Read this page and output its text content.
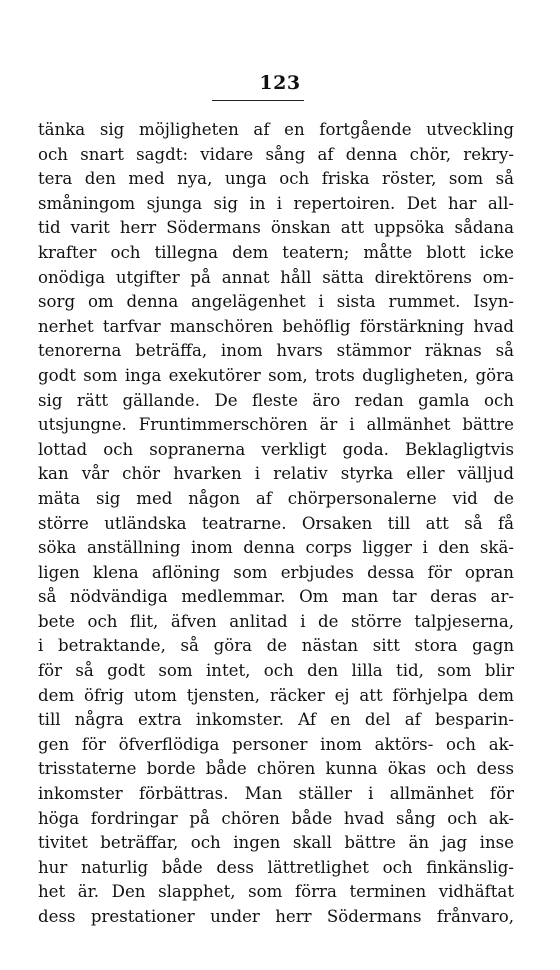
123
tänka sig möjligheten af en fortgående utveckling
och snart sagdt: vidare sång af denna chör, rekry-
tera den med nya, unga och friska röster, som så
småningom sjunga sig in i repertoiren. Det har all-
tid varit herr Södermans önskan att uppsöka sådana
krafter och tillegna dem teatern; måtte blott icke
onödiga utgifter på annat håll sätta direktörens om-
sorg om denna angelägenhet i sista rummet. Isyn-
nerhet tarfvar manschören behöflig förstärkning hvad
tenorerna beträffa, inom hvars stämmor räknas så
godt som inga exekutörer som, trots dugligheten, göra
sig rätt gällande. De fleste äro redan gamla och
utsjungne. Fruntimmerschören är i allmänhet bättre
lottad och sopranerna verkligt goda. Beklagligtvis
kan vår chör hvarken i relativ styrka eller välljud
mäta sig med någon af chörpersonalerne vid de
större utländska teatrarne. Orsaken till att så få
söka anställning inom denna corps ligger i den skä-
ligen klena aflöning som erbjudes dessa för opran
så nödvändiga medlemmar. Om man tar deras ar-
bete och flit, äfven anlitad i de större talpjeserna,
i betraktande, så göra de nästan sitt stora gagn
för så godt som intet, och den lilla tid, som blir
dem öfrig utom tjensten, räcker ej att förhjelpa dem
till några extra inkomster. Af en del af besparin-
gen för öfverflödiga personer inom aktörs- och ak-
trisstaterne borde både chören kunna ökas och dess
inkomster förbättras. Man ställer i allmänhet för
höga fordringar på chören både hvad sång och ak-
tivitet beträffar, och ingen skall bättre än jag inse
hur naturlig både dess lättretlighet och finkänslig-
het är. Den slapphet, som förra terminen vidhäftat
dess prestationer under herr Södermans frånvaro,
